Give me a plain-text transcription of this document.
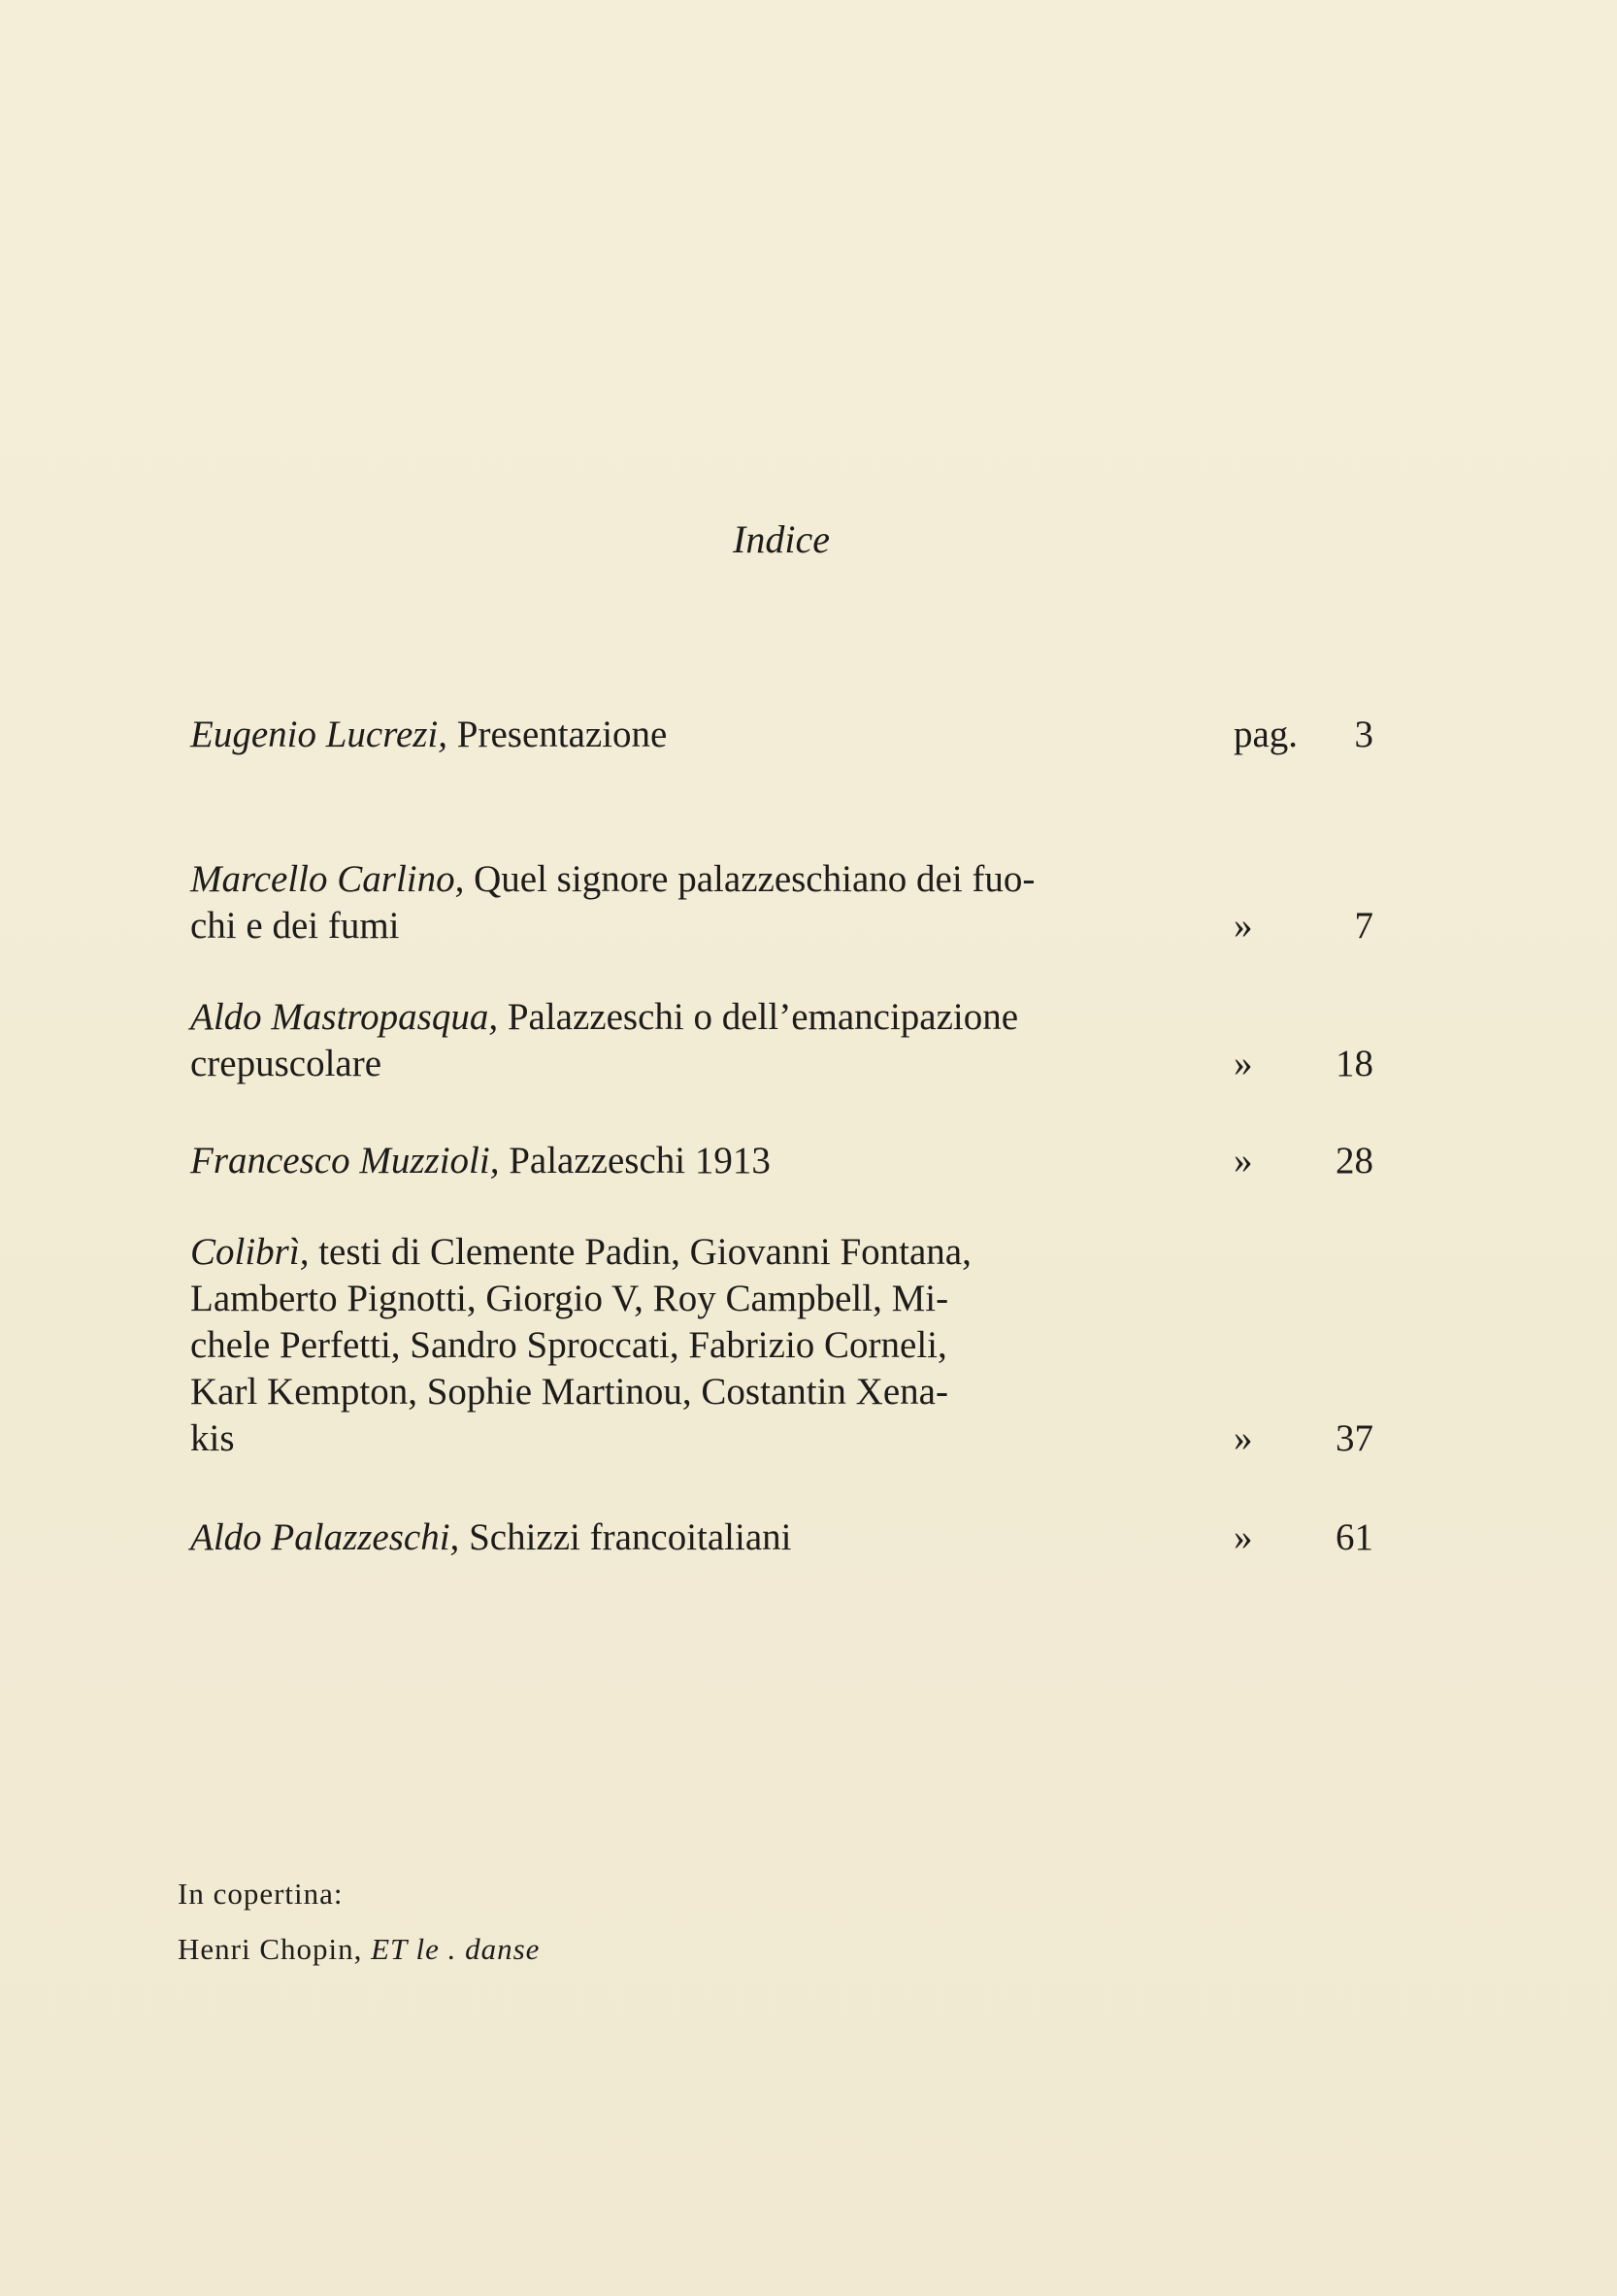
Indice
Eugenio Lucrezi, Presentazione	pag. 3
Marcello Carlino, Quel signore palazzeschiano dei fuo-
chi e dei fumi	»	7
Aldo Mastropasqua, Palazzeschi o dell’emancipazione
crepuscolare	»	18
Francesco Muzzioli, Palazzeschi 1913	»	28
Colibrì, testi di Clemente Padin, Giovanni Fontana,
Lamberto Pignotti, Giorgio V, Roy Campbell, Mi-
chele Perfetti, Sandro Sproccati, Fabrizio Corneli,
Karl Kempton, Sophie Martinou, Costantin Xena-
kis	»	37
Aldo Palazzeschi, Schizzi francoitaliani	»	61
In copertina:
Henri Chopin, ET le . danse
